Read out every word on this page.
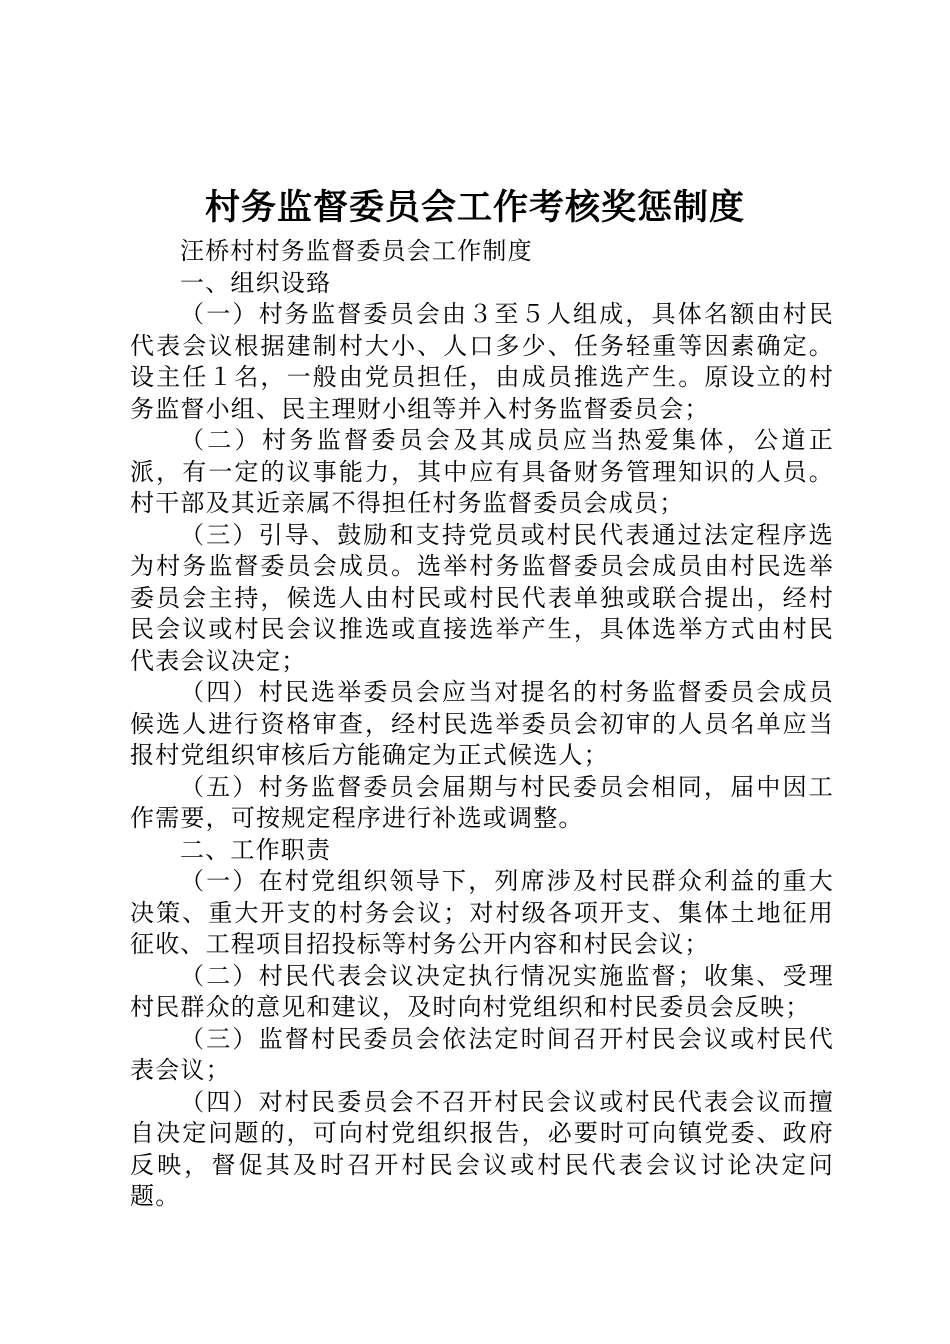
村务监督委员会工作考核奖惩制度

汪桥村村务监督委员会工作制度

一、组织设臵

（一）村务监督委员会由３至５人组成，具体名额由村民代表会议根据建制村大小、人口多少、任务轻重等因素确定。设主任１名，一般由党员担任，由成员推选产生。原设立的村务监督小组、民主理财小组等并入村务监督委员会；

（二）村务监督委员会及其成员应当热爱集体，公道正派，有一定的议事能力，其中应有具备财务管理知识的人员。村干部及其近亲属不得担任村务监督委员会成员；

（三）引导、鼓励和支持党员或村民代表通过法定程序选为村务监督委员会成员。选举村务监督委员会成员由村民选举委员会主持，候选人由村民或村民代表单独或联合提出，经村民会议或村民会议推选或直接选举产生，具体选举方式由村民代表会议决定；

（四）村民选举委员会应当对提名的村务监督委员会成员候选人进行资格审查，经村民选举委员会初审的人员名单应当报村党组织审核后方能确定为正式候选人；

（五）村务监督委员会届期与村民委员会相同，届中因工作需要，可按规定程序进行补选或调整。

二、工作职责

（一）在村党组织领导下，列席涉及村民群众利益的重大决策、重大开支的村务会议；对村级各项开支、集体土地征用征收、工程项目招投标等村务公开内容和村民会议；

（二）村民代表会议决定执行情况实施监督；收集、受理村民群众的意见和建议，及时向村党组织和村民委员会反映；

（三）监督村民委员会依法定时间召开村民会议或村民代表会议；

（四）对村民委员会不召开村民会议或村民代表会议而擅自决定问题的，可向村党组织报告，必要时可向镇党委、政府反映，督促其及时召开村民会议或村民代表会议讨论决定问题。
